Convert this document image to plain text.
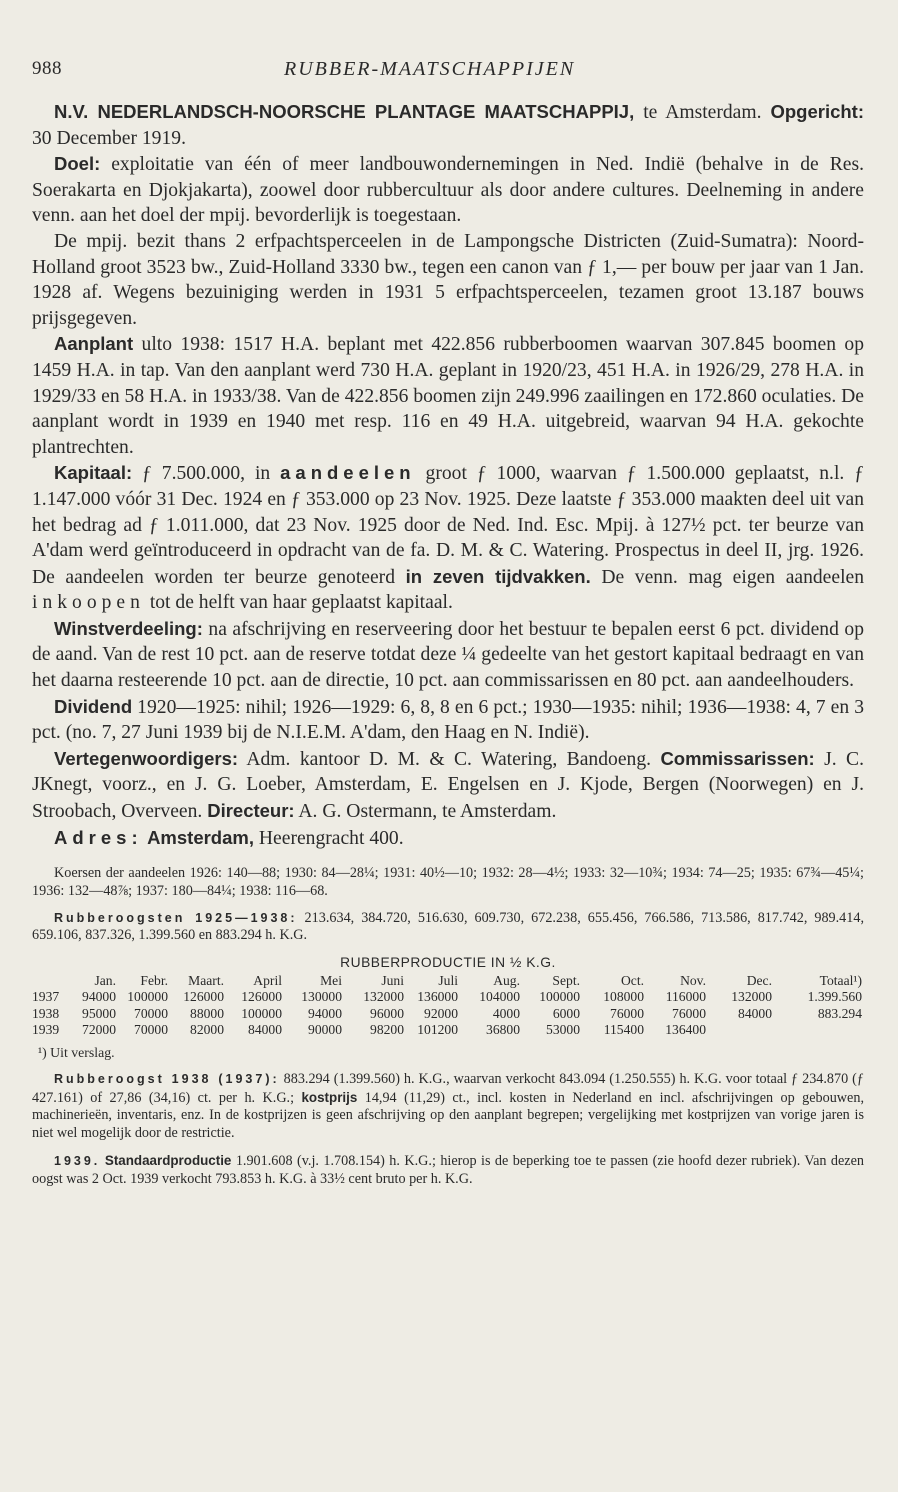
988	RUBBER-MAATSCHAPPIJEN

N.V. NEDERLANDSCH-NOORSCHE PLANTAGE MAATSCHAPPIJ, te Amsterdam. Opgericht: 30 December 1919.

Doel: exploitatie van één of meer landbouwondernemingen in Ned. Indië (behalve in de Res. Soerakarta en Djokjakarta), zoowel door rubbercultuur als door andere cultures. Deelneming in andere venn. aan het doel der mpij. bevorderlijk is toegestaan.

De mpij. bezit thans 2 erfpachtsperceelen in de Lampongsche Districten (Zuid-Sumatra): Noord-Holland groot 3523 bw., Zuid-Holland 3330 bw., tegen een canon van ƒ 1,— per bouw per jaar van 1 Jan. 1928 af. Wegens bezuiniging werden in 1931 5 erfpachtsperceelen, tezamen groot 13.187 bouws prijsgegeven.

Aanplant ulto 1938: 1517 H.A. beplant met 422.856 rubberboomen waarvan 307.845 boomen op 1459 H.A. in tap. Van den aanplant werd 730 H.A. geplant in 1920/23, 451 H.A. in 1926/29, 278 H.A. in 1929/33 en 58 H.A. in 1933/38. Van de 422.856 boomen zijn 249.996 zaailingen en 172.860 oculaties. De aanplant wordt in 1939 en 1940 met resp. 116 en 49 H.A. uitgebreid, waarvan 94 H.A. gekochte plantrechten.

Kapitaal: ƒ 7.500.000, in aandeelen groot ƒ 1000, waarvan ƒ 1.500.000 geplaatst, n.l. ƒ 1.147.000 vóór 31 Dec. 1924 en ƒ 353.000 op 23 Nov. 1925. Deze laatste ƒ 353.000 maakten deel uit van het bedrag ad ƒ 1.011.000, dat 23 Nov. 1925 door de Ned. Ind. Esc. Mpij. à 127½ pct. ter beurze van A'dam werd geïntroduceerd in opdracht van de fa. D. M. & C. Watering. Prospectus in deel II, jrg. 1926. De aandeelen worden ter beurze genoteerd in zeven tijdvakken. De venn. mag eigen aandeelen inkoopen tot de helft van haar geplaatst kapitaal.

Winstverdeeling: na afschrijving en reserveering door het bestuur te bepalen eerst 6 pct. dividend op de aand. Van de rest 10 pct. aan de reserve totdat deze ¼ gedeelte van het gestort kapitaal bedraagt en van het daarna resteerende 10 pct. aan de directie, 10 pct. aan commissarissen en 80 pct. aan aandeelhouders.

Dividend 1920—1925: nihil; 1926—1929: 6, 8, 8 en 6 pct.; 1930—1935: nihil; 1936—1938: 4, 7 en 3 pct. (no. 7, 27 Juni 1939 bij de N.I.E.M. A'dam, den Haag en N. Indië).

Vertegenwoordigers: Adm. kantoor D. M. & C. Watering, Bandoeng. Commissarissen: J. C. JKnegt, voorz., en J. G. Loeber, Amsterdam, E. Engelsen en J. Kjode, Bergen (Noorwegen) en J. Stroobach, Overveen. Directeur: A. G. Ostermann, te Amsterdam.

Adres: Amsterdam, Heerengracht 400.

Koersen der aandeelen 1926: 140—88; 1930: 84—28¼; 1931: 40½—10; 1932: 28—4½; 1933: 32—10¾; 1934: 74—25; 1935: 67¾—45¼; 1936: 132—48⅞; 1937: 180—84¼; 1938: 116—68.

Rubberoogsten 1925—1938: 213.634, 384.720, 516.630, 609.730, 672.238, 655.456, 766.586, 713.586, 817.742, 989.414, 659.106, 837.326, 1.399.560 en 883.294 h. K.G.

RUBBERPRODUCTIE IN ½ K.G.

	Jan.	Febr.	Maart.	April	Mei	Juni	Juli	Aug.	Sept.	Oct.	Nov.	Dec.	Totaal¹)
1937	94000	100000	126000	126000	130000	132000	136000	104000	100000	108000	116000	132000	1.399.560
1938	95000	70000	88000	100000	94000	96000	92000	4000	6000	76000	76000	84000	883.294
1939	72000	70000	82000	84000	90000	98200	101200	36800	53000	115400	136400		

¹) Uit verslag.

Rubberoogst 1938 (1937): 883.294 (1.399.560) h. K.G., waarvan verkocht 843.094 (1.250.555) h. K.G. voor totaal ƒ 234.870 (ƒ 427.161) of 27,86 (34,16) ct. per h. K.G.; kostprijs 14,94 (11,29) ct., incl. kosten in Nederland en incl. afschrijvingen op gebouwen, machinerieën, inventaris, enz. In de kostprijzen is geen afschrijving op den aanplant begrepen; vergelijking met kostprijzen van vorige jaren is niet wel mogelijk door de restrictie.

1939. Standaardproductie 1.901.608 (v.j. 1.708.154) h. K.G.; hierop is de beperking toe te passen (zie hoofd dezer rubriek). Van dezen oogst was 2 Oct. 1939 verkocht 793.853 h. K.G. à 33½ cent bruto per h. K.G.
